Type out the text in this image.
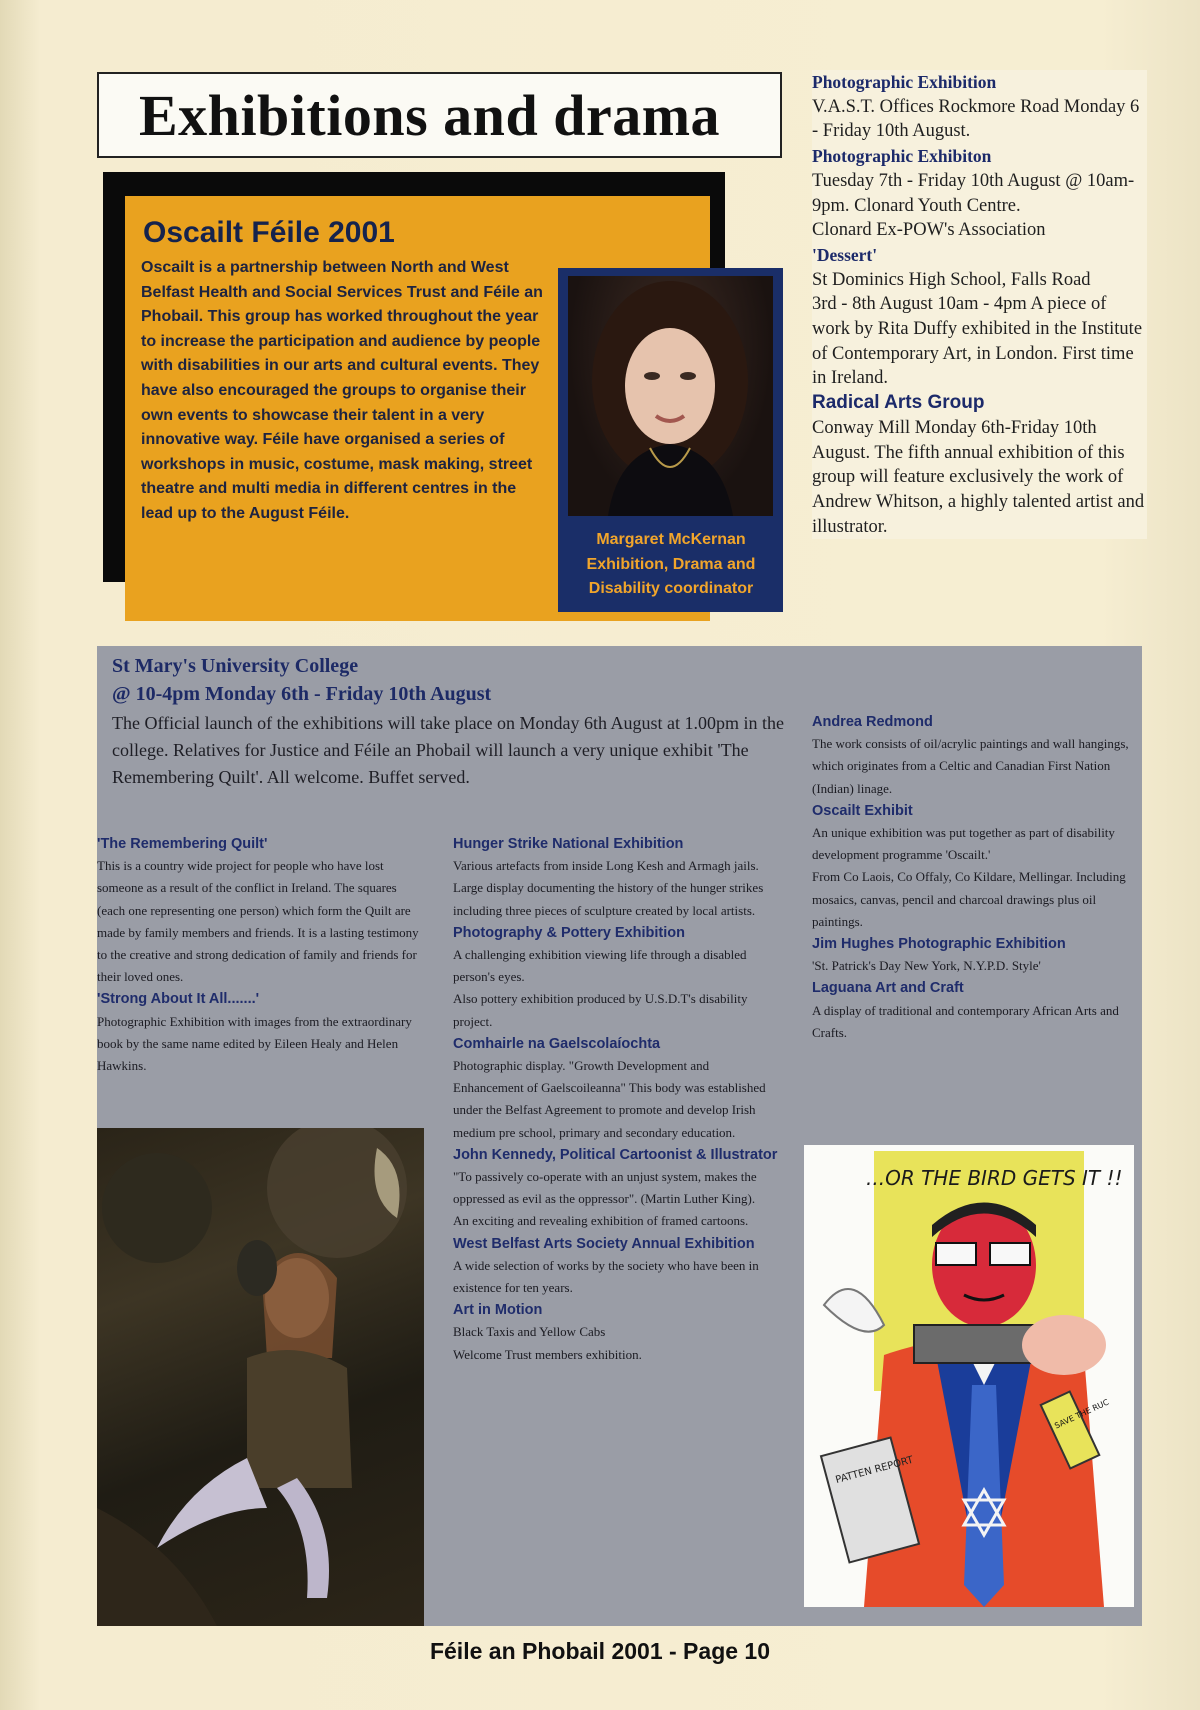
Exhibitions and drama
Oscailt Féile 2001

Oscailt is a partnership between North and West Belfast Health and Social Services Trust and Féile an Phobail. This group has worked throughout the year to increase the participation and audience by people with disabilities in our arts and cultural events. They have also encouraged the groups to organise their own events to showcase their talent in a very innovative way. Féile have organised a series of workshops in music, costume, mask making, street theatre and multi media in different centres in the lead up to the August Féile.

Margaret McKernan Exhibition, Drama and Disability coordinator

Photographic Exhibition
V.A.S.T. Offices Rockmore Road Monday 6 - Friday 10th August.
Photographic Exhibiton
Tuesday 7th - Friday 10th August @ 10am-9pm. Clonard Youth Centre.
Clonard Ex-POW's Association
'Dessert'
St Dominics High School, Falls Road
3rd - 8th August 10am - 4pm A piece of work by Rita Duffy exhibited in the Institute of Contemporary Art, in London. First time in Ireland.
Radical Arts Group
Conway Mill Monday 6th-Friday 10th August. The fifth annual exhibition of this group will feature exclusively the work of Andrew Whitson, a highly talented artist and illustrator.

St Mary's University College
@ 10-4pm Monday 6th - Friday 10th August

The Official launch of the exhibitions will take place on Monday 6th August at 1.00pm in the college. Relatives for Justice and Féile an Phobail will launch a very unique exhibit 'The Remembering Quilt'. All welcome. Buffet served.

'The Remembering Quilt'
This is a country wide project for people who have lost someone as a result of the conflict in Ireland. The squares (each one representing one person) which form the Quilt are made by family members and friends. It is a lasting testimony to the creative and strong dedication of family and friends for their loved ones.
'Strong About It All.......'
Photographic Exhibition with images from the extraordinary book by the same name edited by Eileen Healy and Helen Hawkins.
Hunger Strike National Exhibition
Various artefacts from inside Long Kesh and Armagh jails. Large display documenting the history of the hunger strikes including three pieces of sculpture created by local artists.
Photography & Pottery Exhibition
A challenging exhibition viewing life through a disabled person's eyes.
Also pottery exhibition produced by U.S.D.T's disability project.
Comhairle na Gaelscolaíochta
Photographic display. "Growth Development and Enhancement of Gaelscoileanna" This body was established under the Belfast Agreement to promote and develop Irish medium pre school, primary and secondary education.
John Kennedy, Political Cartoonist & Illustrator
"To passively co-operate with an unjust system, makes the oppressed as evil as the oppressor". (Martin Luther King).
An exciting and revealing exhibition of framed cartoons.
West Belfast Arts Society Annual Exhibition
A wide selection of works by the society who have been in existence for ten years.
Art in Motion
Black Taxis and Yellow Cabs
Welcome Trust members exhibition.
Andrea Redmond
The work consists of oil/acrylic paintings and wall hangings, which originates from a Celtic and Canadian First Nation (Indian) linage.
Oscailt Exhibit
An unique exhibition was put together as part of disability development programme 'Oscailt.'
From Co Laois, Co Offaly, Co Kildare, Mellingar. Including mosaics, canvas, pencil and charcoal drawings plus oil paintings.
Jim Hughes Photographic Exhibition
'St. Patrick's Day New York, N.Y.P.D. Style'
Laguana Art and Craft
A display of traditional and contemporary African Arts and Crafts.
...OR THE BIRD GETS IT !!
PATTEN REPORT
SAVE THE RUC
Féile an Phobail 2001 - Page 10
